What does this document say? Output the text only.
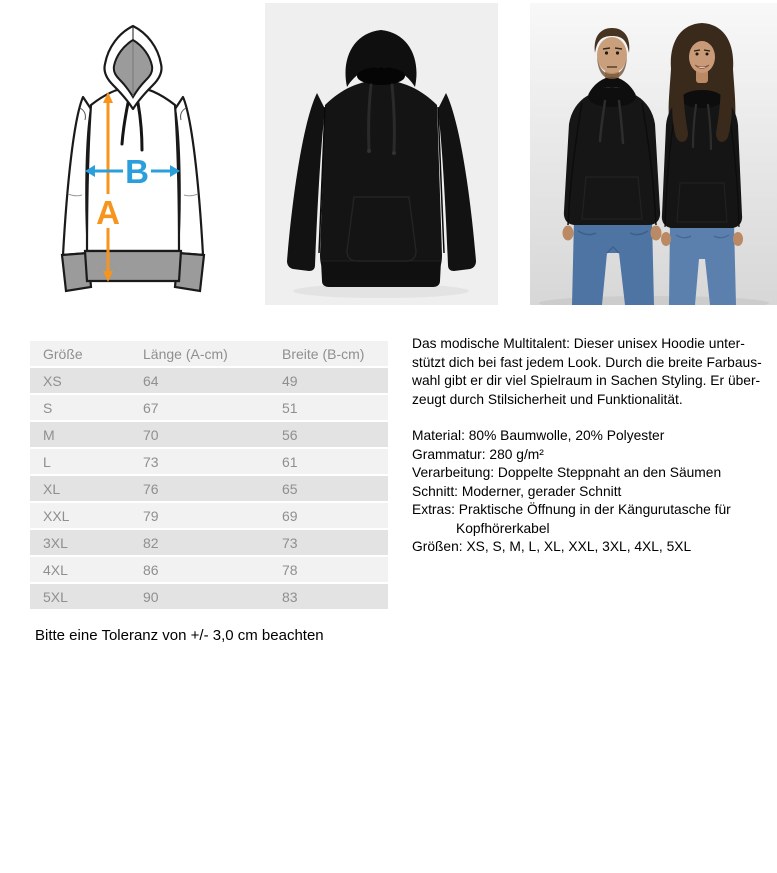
A
B
Größe	Länge (A-cm)	Breite (B-cm)
XS	64	49
S	67	51
M	70	56
L	73	61
XL	76	65
XXL	79	69
3XL	82	73
4XL	86	78
5XL	90	83
Das modische Multitalent: Dieser unisex Hoodie unter-
stützt dich bei fast jedem Look. Durch die breite Farbaus-
wahl gibt er dir viel Spielraum in Sachen Styling. Er über-
zeugt durch Stilsicherheit und Funktionalität.
Material: 80% Baumwolle, 20% Polyester
Grammatur: 280 g/m²
Verarbeitung: Doppelte Steppnaht an den Säumen
Schnitt: Moderner, gerader Schnitt
Extras: Praktische Öffnung in der Kängurutasche für
Kopfhörerkabel
Größen: XS, S, M, L, XL, XXL, 3XL, 4XL, 5XL
Bitte eine Toleranz von +/- 3,0 cm beachten
